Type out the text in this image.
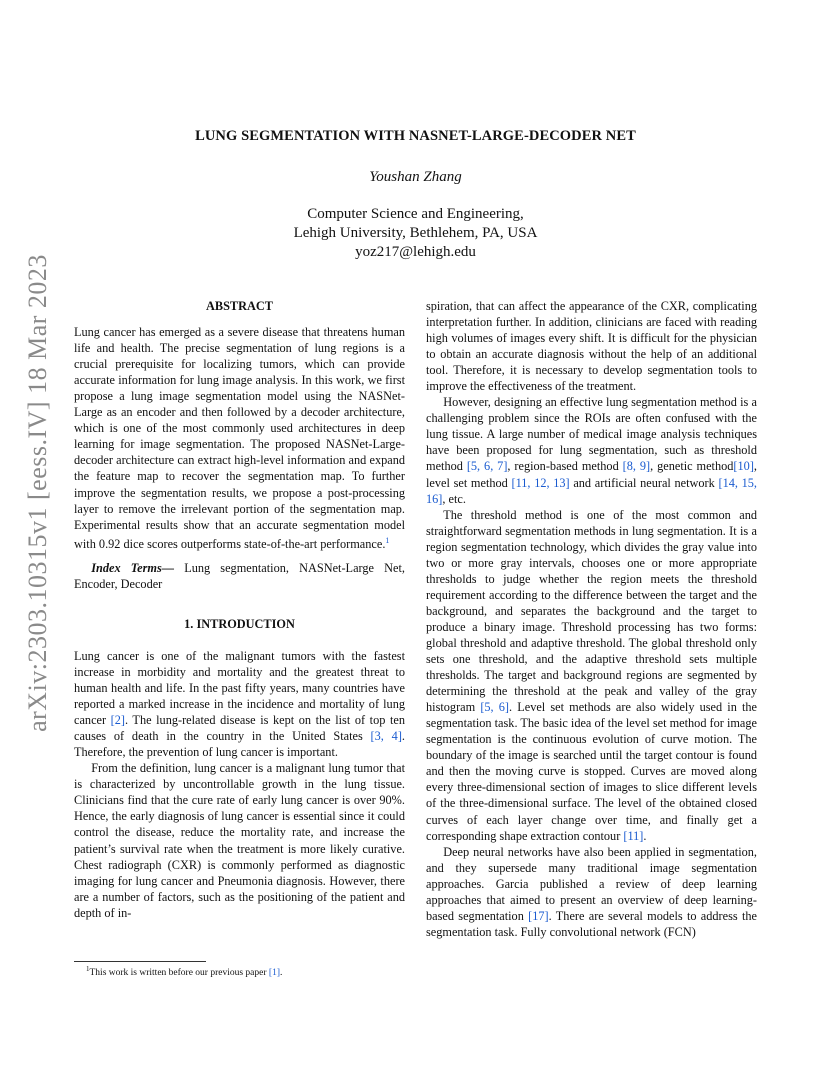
arXiv:2303.10315v1 [eess.IV] 18 Mar 2023
LUNG SEGMENTATION WITH NASNET-LARGE-DECODER NET
Youshan Zhang
Computer Science and Engineering,
Lehigh University, Bethlehem, PA, USA
yoz217@lehigh.edu
ABSTRACT

Lung cancer has emerged as a severe disease that threatens human life and health. The precise segmentation of lung regions is a crucial prerequisite for localizing tumors, which can provide accurate information for lung image analysis. In this work, we first propose a lung image segmentation model using the NASNet-Large as an encoder and then followed by a decoder architecture, which is one of the most commonly used architectures in deep learning for image segmentation. The proposed NASNet-Large-decoder architecture can extract high-level information and expand the feature map to recover the segmentation map. To further improve the segmentation results, we propose a post-processing layer to remove the irrelevant portion of the segmentation map. Experimental results show that an accurate segmentation model with 0.92 dice scores outperforms state-of-the-art performance.$^1$

Index Terms— Lung segmentation, NASNet-Large Net, Encoder, Decoder

1. INTRODUCTION

Lung cancer is one of the malignant tumors with the fastest increase in morbidity and mortality and the greatest threat to human health and life. In the past fifty years, many countries have reported a marked increase in the incidence and mortality of lung cancer [2]. The lung-related disease is kept on the list of top ten causes of death in the country in the United States [3, 4]. Therefore, the prevention of lung cancer is important.

From the definition, lung cancer is a malignant lung tumor that is characterized by uncontrollable growth in the lung tissue. Clinicians find that the cure rate of early lung cancer is over 90%. Hence, the early diagnosis of lung cancer is essential since it could control the disease, reduce the mortality rate, and increase the patient’s survival rate when the treatment is more likely curative. Chest radiograph (CXR) is commonly performed as diagnostic imaging for lung cancer and Pneumonia diagnosis. However, there are a number of factors, such as the positioning of the patient and depth of in-

spiration, that can affect the appearance of the CXR, complicating interpretation further. In addition, clinicians are faced with reading high volumes of images every shift. It is difficult for the physician to obtain an accurate diagnosis without the help of an additional tool. Therefore, it is necessary to develop segmentation tools to improve the effectiveness of the treatment.

However, designing an effective lung segmentation method is a challenging problem since the ROIs are often confused with the lung tissue. A large number of medical image analysis techniques have been proposed for lung segmentation, such as threshold method [5, 6, 7], region-based method [8, 9], genetic method[10], level set method [11, 12, 13] and artificial neural network [14, 15, 16], etc.

The threshold method is one of the most common and straightforward segmentation methods in lung segmentation. It is a region segmentation technology, which divides the gray value into two or more gray intervals, chooses one or more appropriate thresholds to judge whether the region meets the threshold requirement according to the difference between the target and the background, and separates the background and the target to produce a binary image. Threshold processing has two forms: global threshold and adaptive threshold. The global threshold only sets one threshold, and the adaptive threshold sets multiple thresholds. The target and background regions are segmented by determining the threshold at the peak and valley of the gray histogram [5, 6]. Level set methods are also widely used in the segmentation task. The basic idea of the level set method for image segmentation is the continuous evolution of curve motion. The boundary of the image is searched until the target contour is found and then the moving curve is stopped. Curves are moved along every three-dimensional section of images to slice different levels of the three-dimensional surface. The level of the obtained closed curves of each layer change over time, and finally get a corresponding shape extraction contour [11].

Deep neural networks have also been applied in segmentation, and they supersede many traditional image segmentation approaches. Garcia published a review of deep learning approaches that aimed to present an overview of deep learning-based segmentation [17]. There are several models to address the segmentation task. Fully convolutional network (FCN)

$^1$This work is written before our previous paper [1].
